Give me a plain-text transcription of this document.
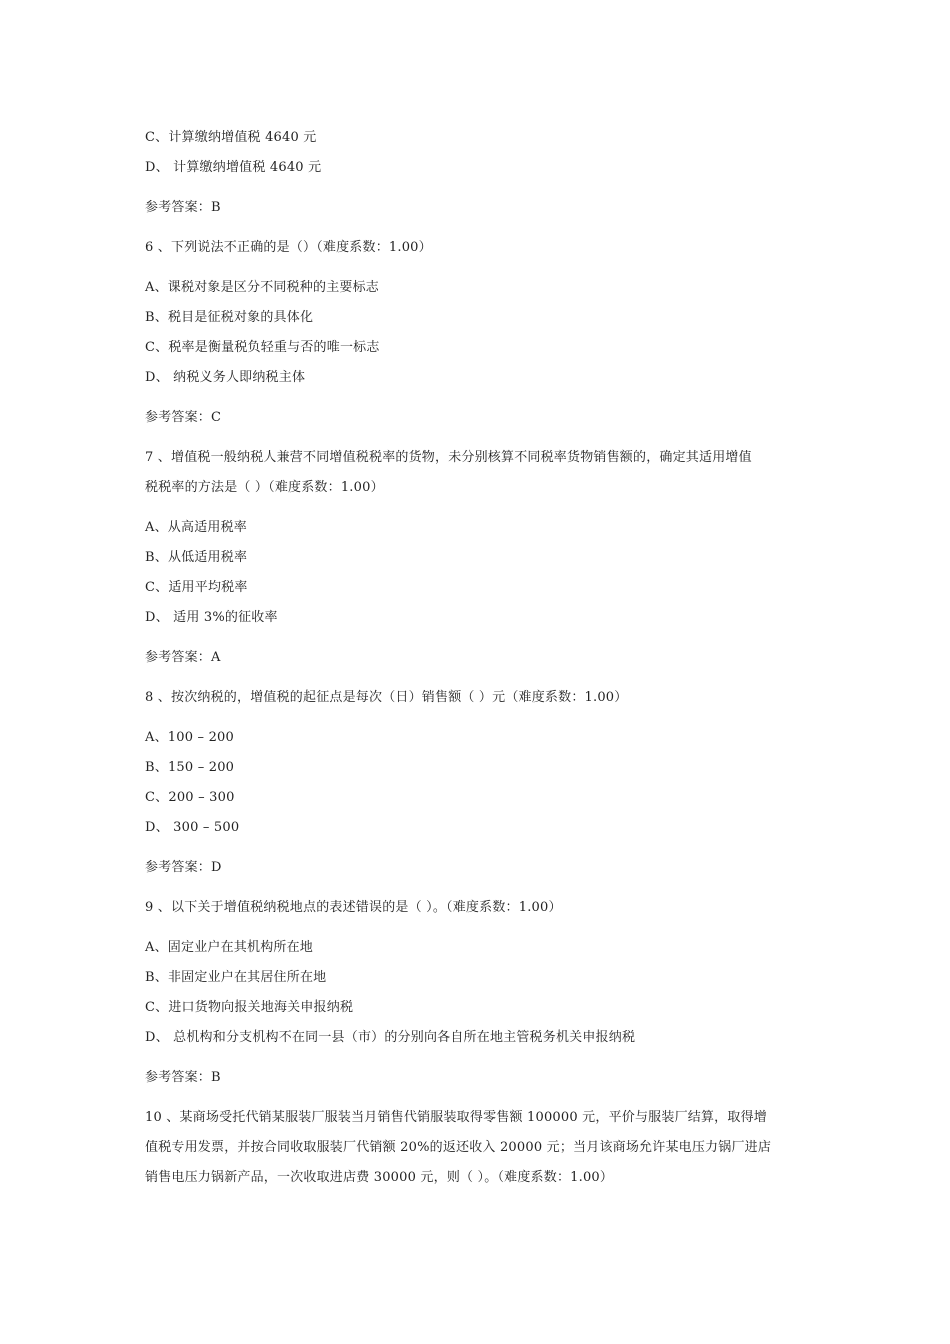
C、计算缴纳增值税 4640 元
D、 计算缴纳增值税 4640 元
参考答案：B
6 、下列说法不正确的是（）（难度系数：1.00）
A、课税对象是区分不同税种的主要标志
B、税目是征税对象的具体化
C、税率是衡量税负轻重与否的唯一标志
D、 纳税义务人即纳税主体
参考答案：C
7 、增值税一般纳税人兼营不同增值税税率的货物，未分别核算不同税率货物销售额的，确定其适用增值
税税率的方法是（ ）（难度系数：1.00）
A、从高适用税率
B、从低适用税率
C、适用平均税率
D、 适用 3%的征收率
参考答案：A
8 、按次纳税的，增值税的起征点是每次（日）销售额（ ）元（难度系数：1.00）
A、100 – 200
B、150 – 200
C、200 – 300
D、 300 – 500
参考答案：D
9 、以下关于增值税纳税地点的表述错误的是（ ）。（难度系数：1.00）
A、固定业户在其机构所在地
B、非固定业户在其居住所在地
C、进口货物向报关地海关申报纳税
D、 总机构和分支机构不在同一县（市）的分别向各自所在地主管税务机关申报纳税
参考答案：B
10 、某商场受托代销某服装厂服装当月销售代销服装取得零售额 100000 元，平价与服装厂结算，取得增
值税专用发票，并按合同收取服装厂代销额 20%的返还收入 20000 元；当月该商场允许某电压力锅厂进店
销售电压力锅新产品，一次收取进店费 30000 元，则（ ）。（难度系数：1.00）
